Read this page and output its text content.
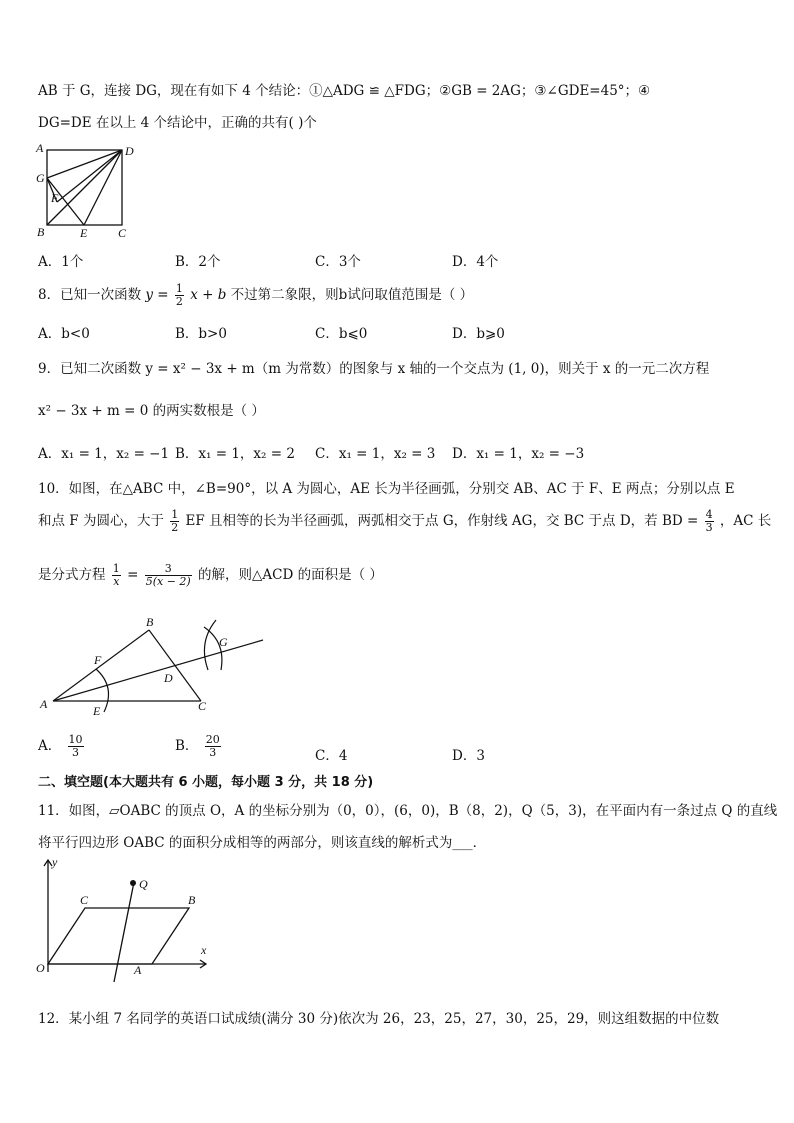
AB 于 G，连接 DG，现在有如下 4 个结论：①△ADG ≌ △FDG；②GB = 2AG；③∠GDE=45°；④
DG=DE 在以上 4 个结论中，正确的共有( )个
A	D
G
F
B	E	C
A．1个	B．2个	C．3个	D．4个
8．已知一次函数 $y = \frac{1}{2}$ x + b 不过第二象限，则b试问取值范围是（ ）
A．b<0	B．b>0	C．b⩽0	D．b⩾0
9．已知二次函数 y = x² − 3x + m（m 为常数）的图象与 x 轴的一个交点为 (1, 0)，则关于 x 的一元二次方程
x² − 3x + m = 0 的两实数根是（ ）
A．x₁ = 1，x₂ = −1 B．x₁ = 1，x₂ = 2 C．x₁ = 1，x₂ = 3 D．x₁ = 1，x₂ = −3
10．如图，在△ABC 中，∠B=90°，以 A 为圆心，AE 长为半径画弧，分别交 AB、AC 于 F、E 两点；分别以点 E
和点 F 为圆心，大于 $\frac{1}{2}$ EF 且相等的长为半径画弧，两弧相交于点 G，作射线 AG，交 BC 于点 D，若 BD = $\frac{4}{3}$ ，AC 长
是分式方程 $\frac{1}{x} = \frac{3}{5(x - 2)}$ 的解，则△ACD 的面积是（ ）
B
G
F
D
A	E	C
A． $\frac{10}{3}$	B． $\frac{20}{3}$	C．4	D．3
二、填空题(本大题共有 6 小题，每小题 3 分，共 18 分)
11．如图，▱OABC 的顶点 O，A 的坐标分别为（0，0），(6，0)，B（8，2)，Q（5，3)，在平面内有一条过点 Q 的直线
将平行四边形 OABC 的面积分成相等的两部分，则该直线的解析式为___．
y
Q
C	B
x
O	A
12．某小组 7 名同学的英语口试成绩(满分 30 分)依次为 26，23，25，27，30，25，29，则这组数据的中位数
